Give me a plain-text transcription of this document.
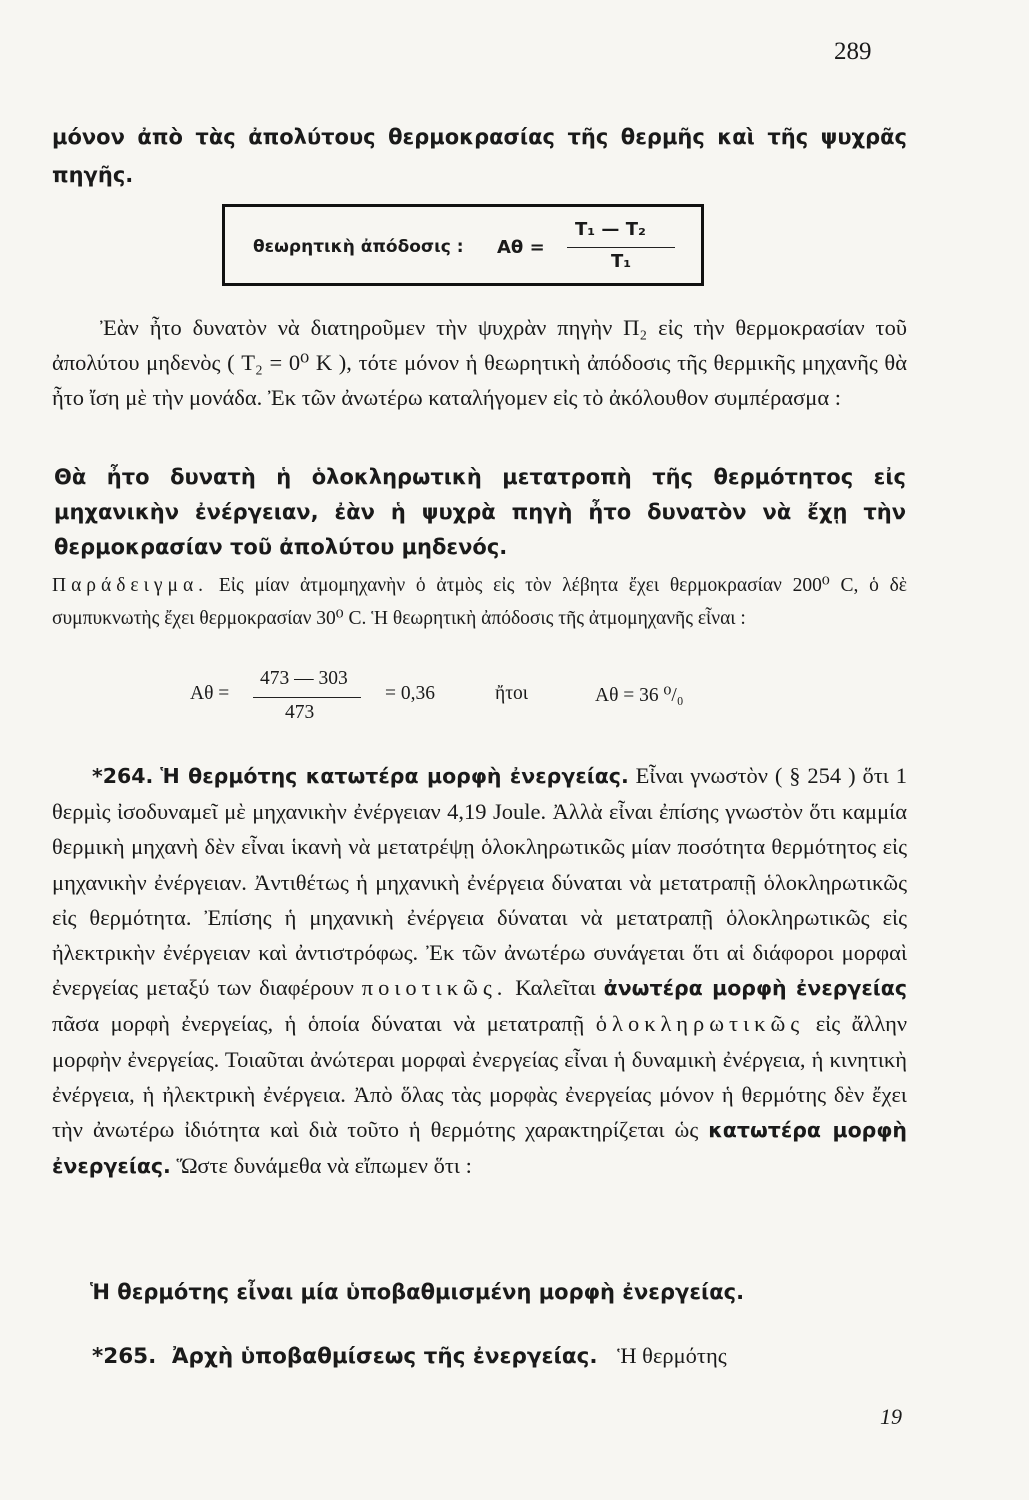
289

μόνον ἀπὸ τὰς ἀπολύτους θερμοκρασίας τῆς θερμῆς καὶ τῆς ψυχρᾶς πηγῆς.

θεωρητικὴ ἀπόδοσις : Αθ =
T₁ — T₂
T₁

Ἐὰν ἦτο δυνατὸν νὰ διατηροῦμεν τὴν ψυχρὰν πηγὴν Π₂ εἰς τὴν θερμοκρασίαν τοῦ ἀπολύτου μηδενὸς ( T₂ = 0⁰ K ), τότε μόνον ἡ θεωρητικὴ ἀπόδοσις τῆς θερμικῆς μηχανῆς θὰ ἦτο ἴση μὲ τὴν μονάδα. Ἐκ τῶν ἀνωτέρω καταλήγομεν εἰς τὸ ἀκόλουθον συμπέρασμα :

Θὰ ἦτο δυνατὴ ἡ ὁλοκληρωτικὴ μετατροπὴ τῆς θερμότητος εἰς μηχανικὴν ἐνέργειαν, ἐὰν ἡ ψυχρὰ πηγὴ ἦτο δυνατὸν νὰ ἔχῃ τὴν θερμοκρασίαν τοῦ ἀπολύτου μηδενός.

Παράδειγμα. Εἰς μίαν ἀτμομηχανὴν ὁ ἀτμὸς εἰς τὸν λέβητα ἔχει θερμοκρασίαν 200⁰ C, ὁ δὲ συμπυκνωτὴς ἔχει θερμοκρασίαν 30⁰ C. Ἡ θεωρητικὴ ἀπόδοσις τῆς ἀτμομηχανῆς εἶναι :

Αθ =
473 — 303
473
= 0,36	ἤτοι	Αθ = 36 ⁰/₀

*264. Ἡ θερμότης κατωτέρα μορφὴ ἐνεργείας. Εἶναι γνωστὸν ( § 254 ) ὅτι 1 θερμὶς ἰσοδυναμεῖ μὲ μηχανικὴν ἐνέργειαν 4,19 Joule. Ἀλλὰ εἶναι ἐπίσης γνωστὸν ὅτι καμμία θερμικὴ μηχανὴ δὲν εἶναι ἱκανὴ νὰ μετατρέψῃ ὁλοκληρωτικῶς μίαν ποσότητα θερμότητος εἰς μηχανικὴν ἐνέργειαν. Ἀντιθέτως ἡ μηχανικὴ ἐνέργεια δύναται νὰ μετατραπῇ ὁλοκληρωτικῶς εἰς θερμότητα. Ἐπίσης ἡ μηχανικὴ ἐνέργεια δύναται νὰ μετατραπῇ ὁλοκληρωτικῶς εἰς ἠλεκτρικὴν ἐνέργειαν καὶ ἀντιστρόφως. Ἐκ τῶν ἀνωτέρω συνάγεται ὅτι αἱ διάφοροι μορφαὶ ἐνεργείας μεταξύ των διαφέρουν ποιοτικῶς. Καλεῖται ἀνωτέρα μορφὴ ἐνεργείας πᾶσα μορφὴ ἐνεργείας, ἡ ὁποία δύναται νὰ μετατραπῇ ὁλοκληρωτικῶς εἰς ἄλλην μορφὴν ἐνεργείας. Τοιαῦται ἀνώτεραι μορφαὶ ἐνεργείας εἶναι ἡ δυναμικὴ ἐνέργεια, ἡ κινητικὴ ἐνέργεια, ἡ ἠλεκτρικὴ ἐνέργεια. Ἀπὸ ὅλας τὰς μορφὰς ἐνεργείας μόνον ἡ θερμότης δὲν ἔχει τὴν ἀνωτέρω ἰδιότητα καὶ διὰ τοῦτο ἡ θερμότης χαρακτηρίζεται ὡς κατωτέρα μορφὴ ἐνεργείας. Ὥστε δυνάμεθα νὰ εἴπωμεν ὅτι :

Ἡ θερμότης εἶναι μία ὑποβαθμισμένη μορφὴ ἐνεργείας.

*265. Ἀρχὴ ὑποβαθμίσεως τῆς ἐνεργείας. Ἡ θερμότης
19
